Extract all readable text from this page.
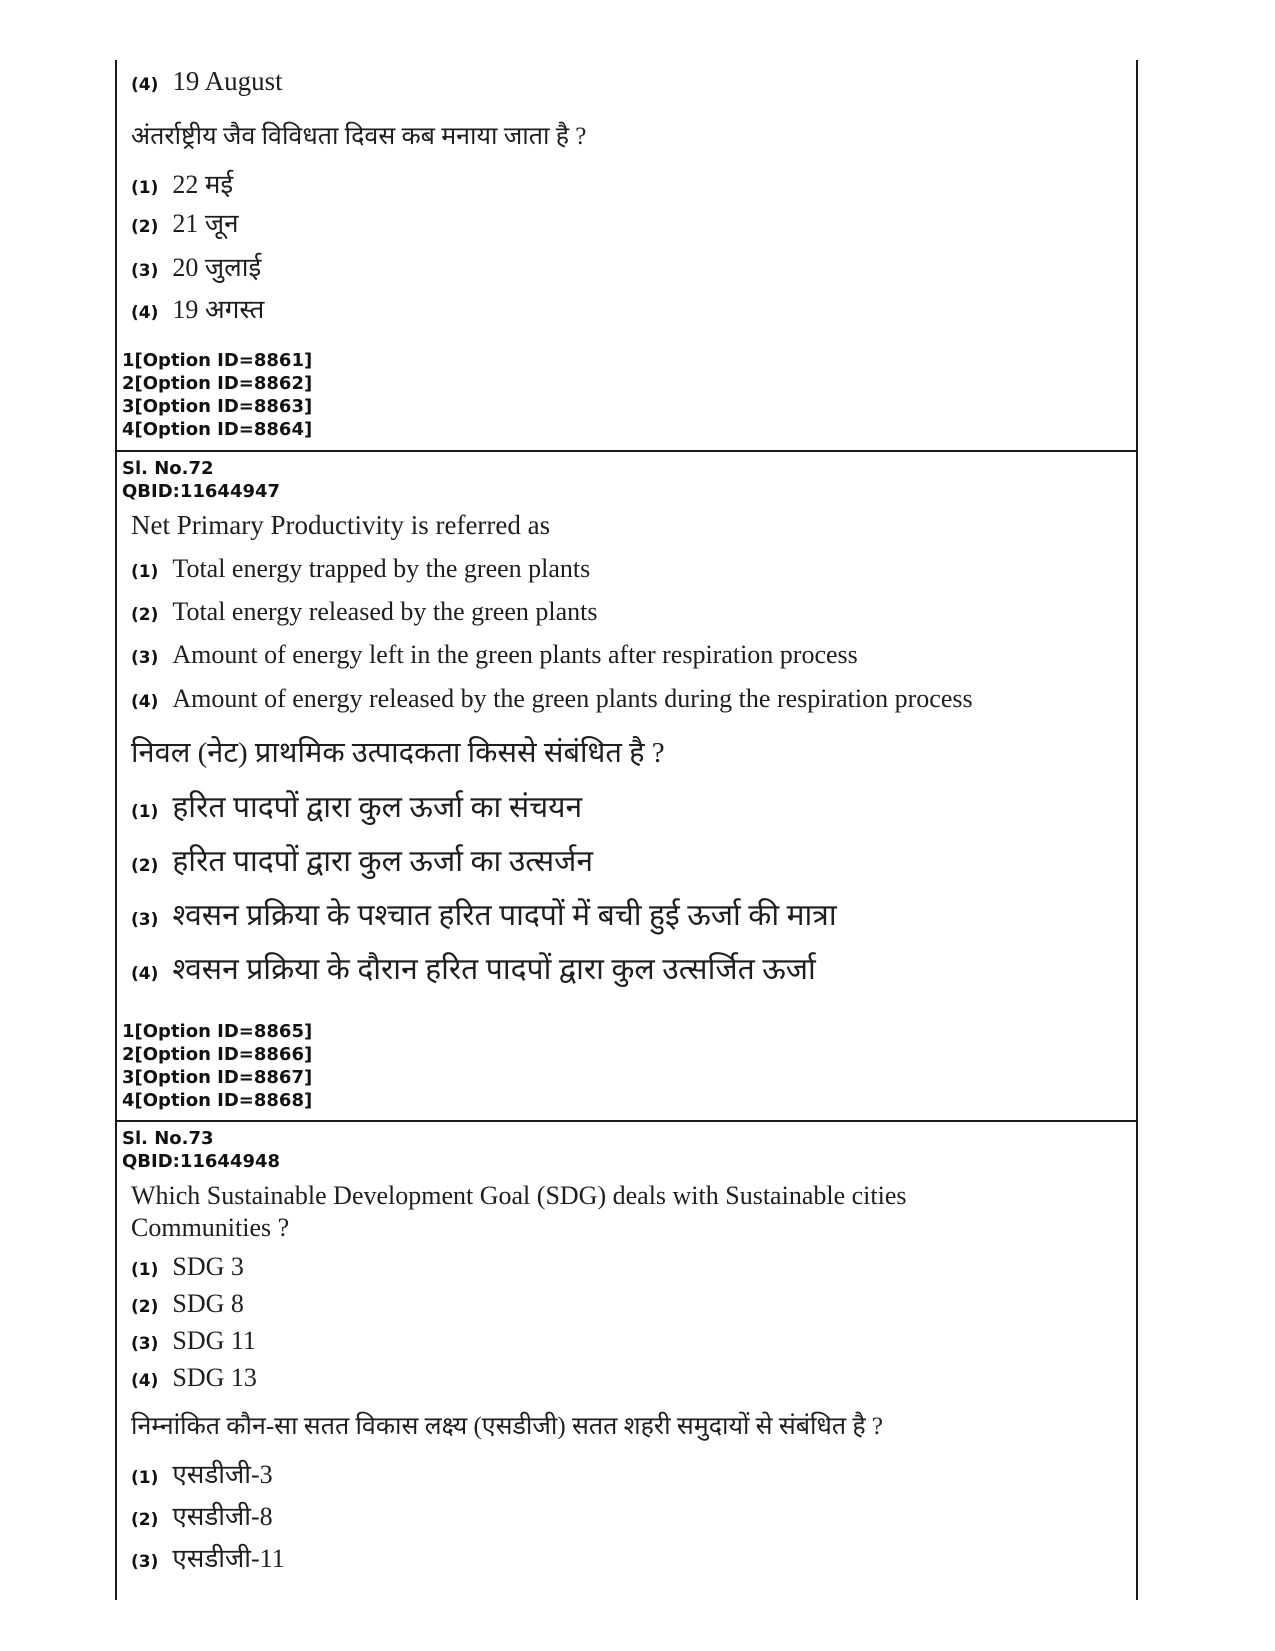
(4) 19 August
अंतर्राष्ट्रीय जैव विविधता दिवस कब मनाया जाता है ?
(1) 22 मई
(2) 21 जून
(3) 20 जुलाई
(4) 19 अगस्त
1[Option ID=8861]
2[Option ID=8862]
3[Option ID=8863]
4[Option ID=8864]
Sl. No.72
QBID:11644947
Net Primary Productivity is referred as
(1) Total energy trapped by the green plants
(2) Total energy released by the green plants
(3) Amount of energy left in the green plants after respiration process
(4) Amount of energy released by the green plants during the respiration process
निवल (नेट) प्राथमिक उत्पादकता किससे संबंधित है ?
(1) हरित पादपों द्वारा कुल ऊर्जा का संचयन
(2) हरित पादपों द्वारा कुल ऊर्जा का उत्सर्जन
(3) श्वसन प्रक्रिया के पश्चात हरित पादपों में बची हुई ऊर्जा की मात्रा
(4) श्वसन प्रक्रिया के दौरान हरित पादपों द्वारा कुल उत्सर्जित ऊर्जा
1[Option ID=8865]
2[Option ID=8866]
3[Option ID=8867]
4[Option ID=8868]
Sl. No.73
QBID:11644948
Which Sustainable Development Goal (SDG) deals with Sustainable cities
Communities ?
(1) SDG 3
(2) SDG 8
(3) SDG 11
(4) SDG 13
निम्नांकित कौन-सा सतत विकास लक्ष्य (एसडीजी) सतत शहरी समुदायों से संबंधित है ?
(1) एसडीजी-3
(2) एसडीजी-8
(3) एसडीजी-11
